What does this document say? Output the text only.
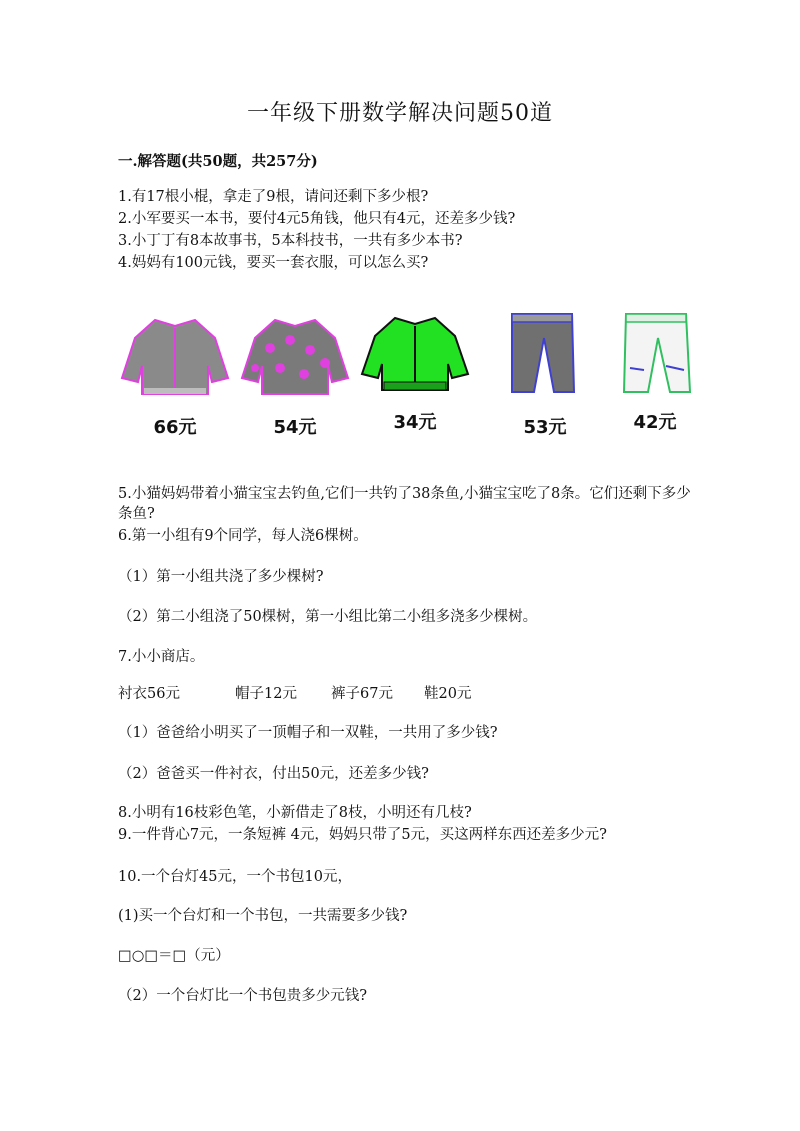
一年级下册数学解决问题50道
一.解答题(共50题，共257分)
1.有17根小棍，拿走了9根，请问还剩下多少根?
2.小军要买一本书，要付4元5角钱，他只有4元，还差多少钱?
3.小丁丁有8本故事书，5本科技书，一共有多少本书?
4.妈妈有100元钱，要买一套衣服，可以怎么买?
66元	54元	34元	53元	42元
5.小猫妈妈带着小猫宝宝去钓鱼,它们一共钓了38条鱼,小猫宝宝吃了8条。它们还剩下多少条鱼?
6.第一小组有9个同学，每人浇6棵树。
（1）第一小组共浇了多少棵树?
（2）第二小组浇了50棵树，第一小组比第二小组多浇多少棵树。
7.小小商店。
衬衣56元	帽子12元 裤子67元 鞋20元
（1）爸爸给小明买了一顶帽子和一双鞋，一共用了多少钱?
（2）爸爸买一件衬衣，付出50元，还差多少钱?
8.小明有16枝彩色笔，小新借走了8枝，小明还有几枝?
9.一件背心7元，一条短裤 4元，妈妈只带了5元，买这两样东西还差多少元?
10.一个台灯45元，一个书包10元，
(1)买一个台灯和一个书包，一共需要多少钱?
□○□＝□（元）
（2）一个台灯比一个书包贵多少元钱?
